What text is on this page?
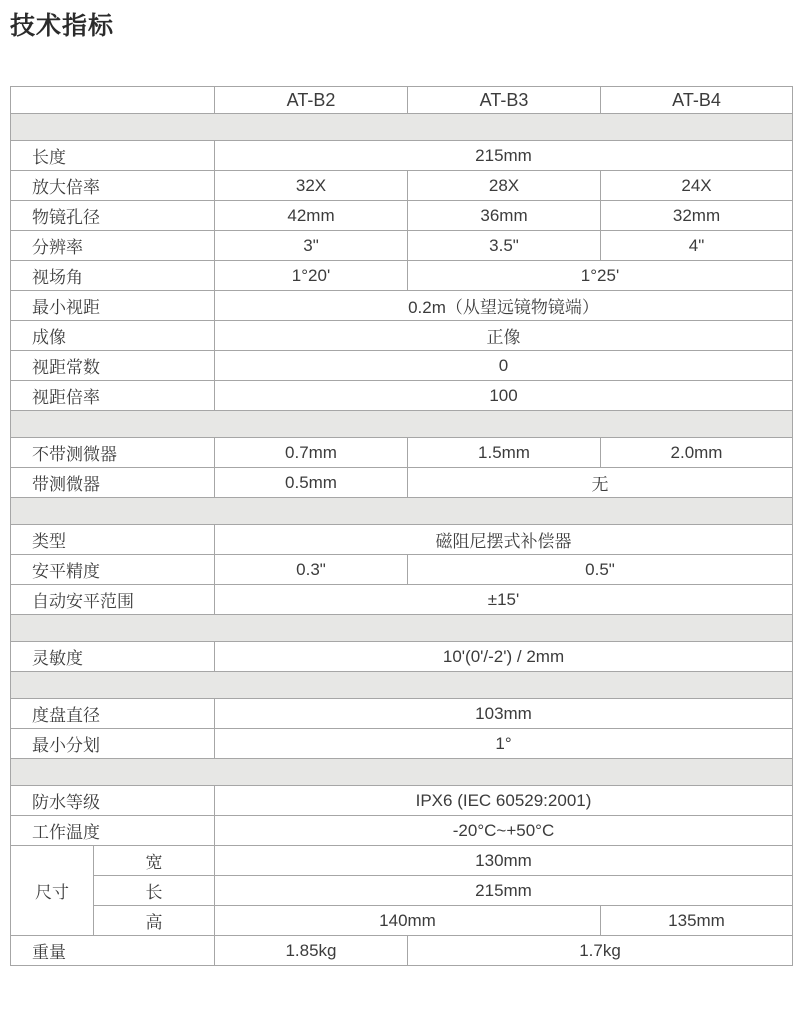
技术指标
		AT-B2	AT-B3	AT-B4

长度		215mm		
放大倍率		32X	28X	24X
物镜孔径		42mm	36mm	32mm
分辨率		3"	3.5"	4"
视场角		1°20'	1°25'	
最小视距		0.2m（从望远镜物镜端）		
成像		正像		
视距常数		0		
视距倍率		100		

不带测微器		0.7mm	1.5mm	2.0mm
带测微器		0.5mm	无	

类型		磁阻尼摆式补偿器		
安平精度		0.3"	0.5"	
自动安平范围		±15'		

灵敏度		10'(0'/-2') / 2mm		

度盘直径		103mm		
最小分划		1°		

防水等级		IPX6 (IEC 60529:2001)		
工作温度		-20°C~+50°C		
尺寸	宽	130mm		
	长	215mm		
	高	140mm		135mm
重量		1.85kg	1.7kg	
